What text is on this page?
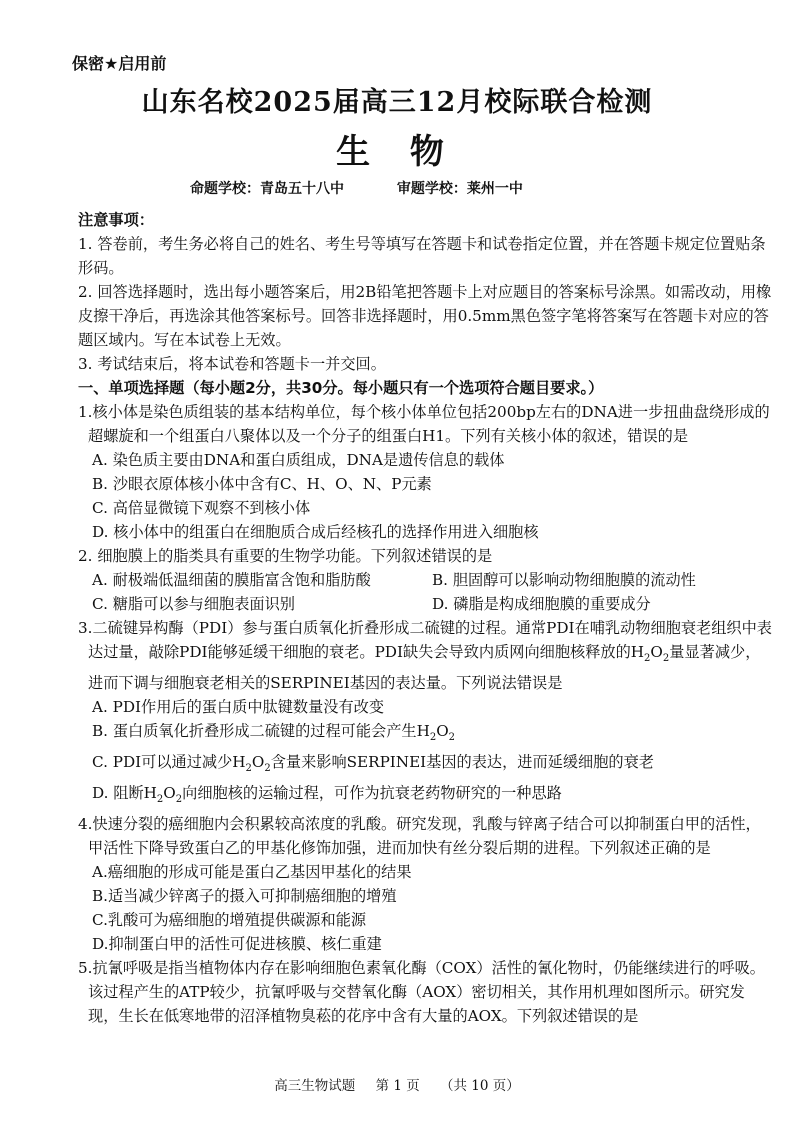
保密★启用前
山东名校2025届高三12月校际联合检测
生 物
命题学校：青岛五十八中	审题学校：莱州一中

注意事项：

1. 答卷前，考生务必将自己的姓名、考生号等填写在答题卡和试卷指定位置，并在答题卡规定位置贴条形码。

2. 回答选择题时，选出每小题答案后，用2B铅笔把答题卡上对应题目的答案标号涂黑。如需改动，用橡皮擦干净后，再选涂其他答案标号。回答非选择题时，用0.5mm黑色签字笔将答案写在答题卡对应的答题区域内。写在本试卷上无效。

3. 考试结束后，将本试卷和答题卡一并交回。

一、单项选择题（每小题2分，共30分。每小题只有一个选项符合题目要求。）

1.核小体是染色质组装的基本结构单位，每个核小体单位包括200bp左右的DNA进一步扭曲盘绕形成的超螺旋和一个组蛋白八聚体以及一个分子的组蛋白H1。下列有关核小体的叙述，错误的是

A. 染色质主要由DNA和蛋白质组成，DNA是遗传信息的载体

B. 沙眼衣原体核小体中含有C、H、O、N、P元素

C. 高倍显微镜下观察不到核小体

D. 核小体中的组蛋白在细胞质合成后经核孔的选择作用进入细胞核

2. 细胞膜上的脂类具有重要的生物学功能。下列叙述错误的是

A. 耐极端低温细菌的膜脂富含饱和脂肪酸	B. 胆固醇可以影响动物细胞膜的流动性
C. 糖脂可以参与细胞表面识别	D. 磷脂是构成细胞膜的重要成分

3.二硫键异构酶（PDI）参与蛋白质氧化折叠形成二硫键的过程。通常PDI在哺乳动物细胞衰老组织中表达过量，敲除PDI能够延缓干细胞的衰老。PDI缺失会导致内质网向细胞核释放的$H_2O_2$量显著减少，进而下调与细胞衰老相关的SERPINEI基因的表达量。下列说法错误是

A. PDI作用后的蛋白质中肽键数量没有改变

B. 蛋白质氧化折叠形成二硫键的过程可能会产生$H_2O_2$

C. PDI可以通过减少$H_2O_2$含量来影响SERPINEI基因的表达，进而延缓细胞的衰老

D. 阻断$H_2O_2$向细胞核的运输过程，可作为抗衰老药物研究的一种思路

4.快速分裂的癌细胞内会积累较高浓度的乳酸。研究发现，乳酸与锌离子结合可以抑制蛋白甲的活性，甲活性下降导致蛋白乙的甲基化修饰加强，进而加快有丝分裂后期的进程。下列叙述正确的是

A.癌细胞的形成可能是蛋白乙基因甲基化的结果

B.适当减少锌离子的摄入可抑制癌细胞的增殖

C.乳酸可为癌细胞的增殖提供碳源和能源

D.抑制蛋白甲的活性可促进核膜、核仁重建

5.抗氰呼吸是指当植物体内存在影响细胞色素氧化酶（COX）活性的氰化物时，仍能继续进行的呼吸。该过程产生的ATP较少，抗氰呼吸与交替氧化酶（AOX）密切相关，其作用机理如图所示。研究发现，生长在低寒地带的沼泽植物臭菘的花序中含有大量的AOX。下列叙述错误的是

高三生物试题 第 1 页 （共 10 页）
